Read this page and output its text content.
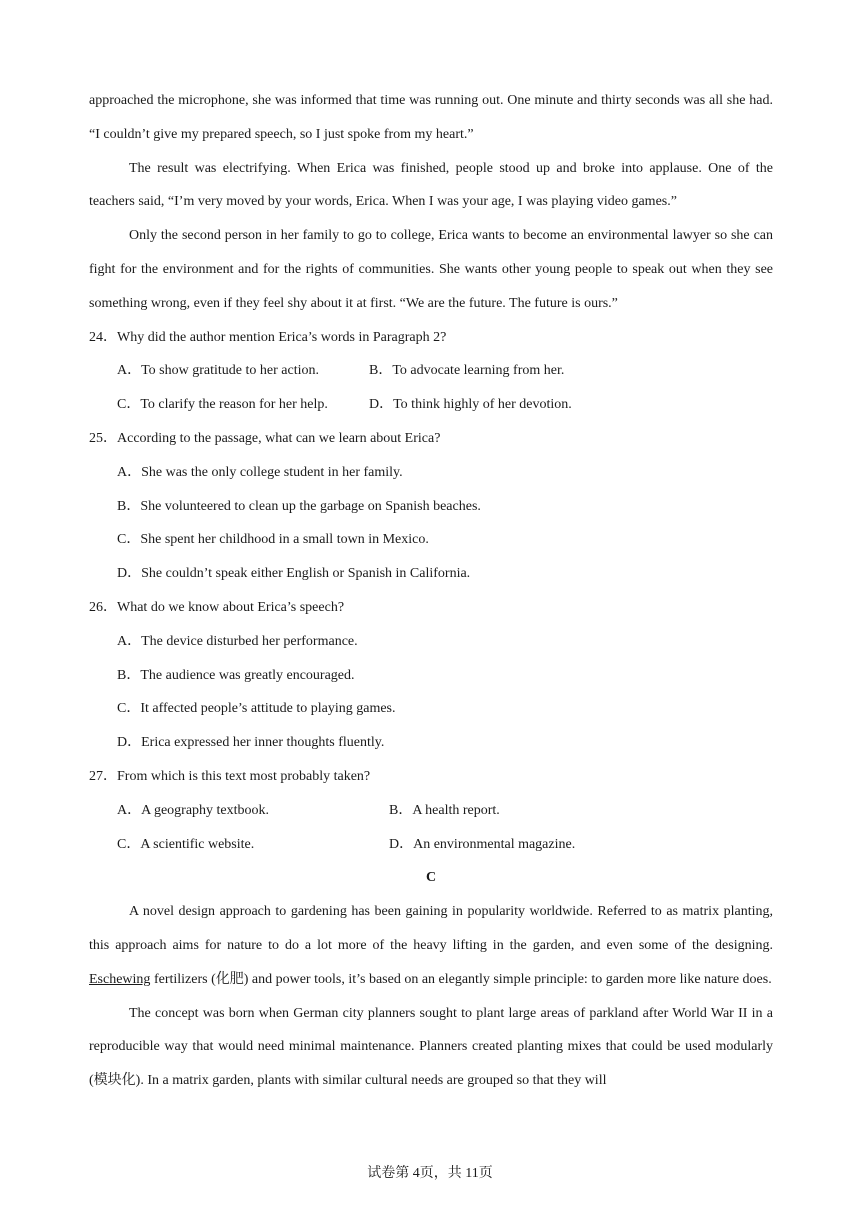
approached the microphone, she was informed that time was running out. One minute and thirty seconds was all she had. “I couldn’t give my prepared speech, so I just spoke from my heart.”
The result was electrifying. When Erica was finished, people stood up and broke into applause. One of the teachers said, “I’m very moved by your words, Erica. When I was your age, I was playing video games.”
Only the second person in her family to go to college, Erica wants to become an environmental lawyer so she can fight for the environment and for the rights of communities. She wants other young people to speak out when they see something wrong, even if they feel shy about it at first. “We are the future. The future is ours.”
24．Why did the author mention Erica’s words in Paragraph 2?
A．To show gratitude to her action.	B．To advocate learning from her.
C．To clarify the reason for her help.	D．To think highly of her devotion.
25．According to the passage, what can we learn about Erica?
A．She was the only college student in her family.
B．She volunteered to clean up the garbage on Spanish beaches.
C．She spent her childhood in a small town in Mexico.
D．She couldn’t speak either English or Spanish in California.
26．What do we know about Erica’s speech?
A．The device disturbed her performance.
B．The audience was greatly encouraged.
C．It affected people’s attitude to playing games.
D．Erica expressed her inner thoughts fluently.
27．From which is this text most probably taken?
A．A geography textbook.	B．A health report.
C．A scientific website.	D．An environmental magazine.
C
A novel design approach to gardening has been gaining in popularity worldwide. Referred to as matrix planting, this approach aims for nature to do a lot more of the heavy lifting in the garden, and even some of the designing. Eschewing fertilizers (化肥) and power tools, it’s based on an elegantly simple principle: to garden more like nature does.
The concept was born when German city planners sought to plant large areas of parkland after World War II in a reproducible way that would need minimal maintenance. Planners created planting mixes that could be used modularly (模块化). In a matrix garden, plants with similar cultural needs are grouped so that they will
试卷第 4页，共 11页
